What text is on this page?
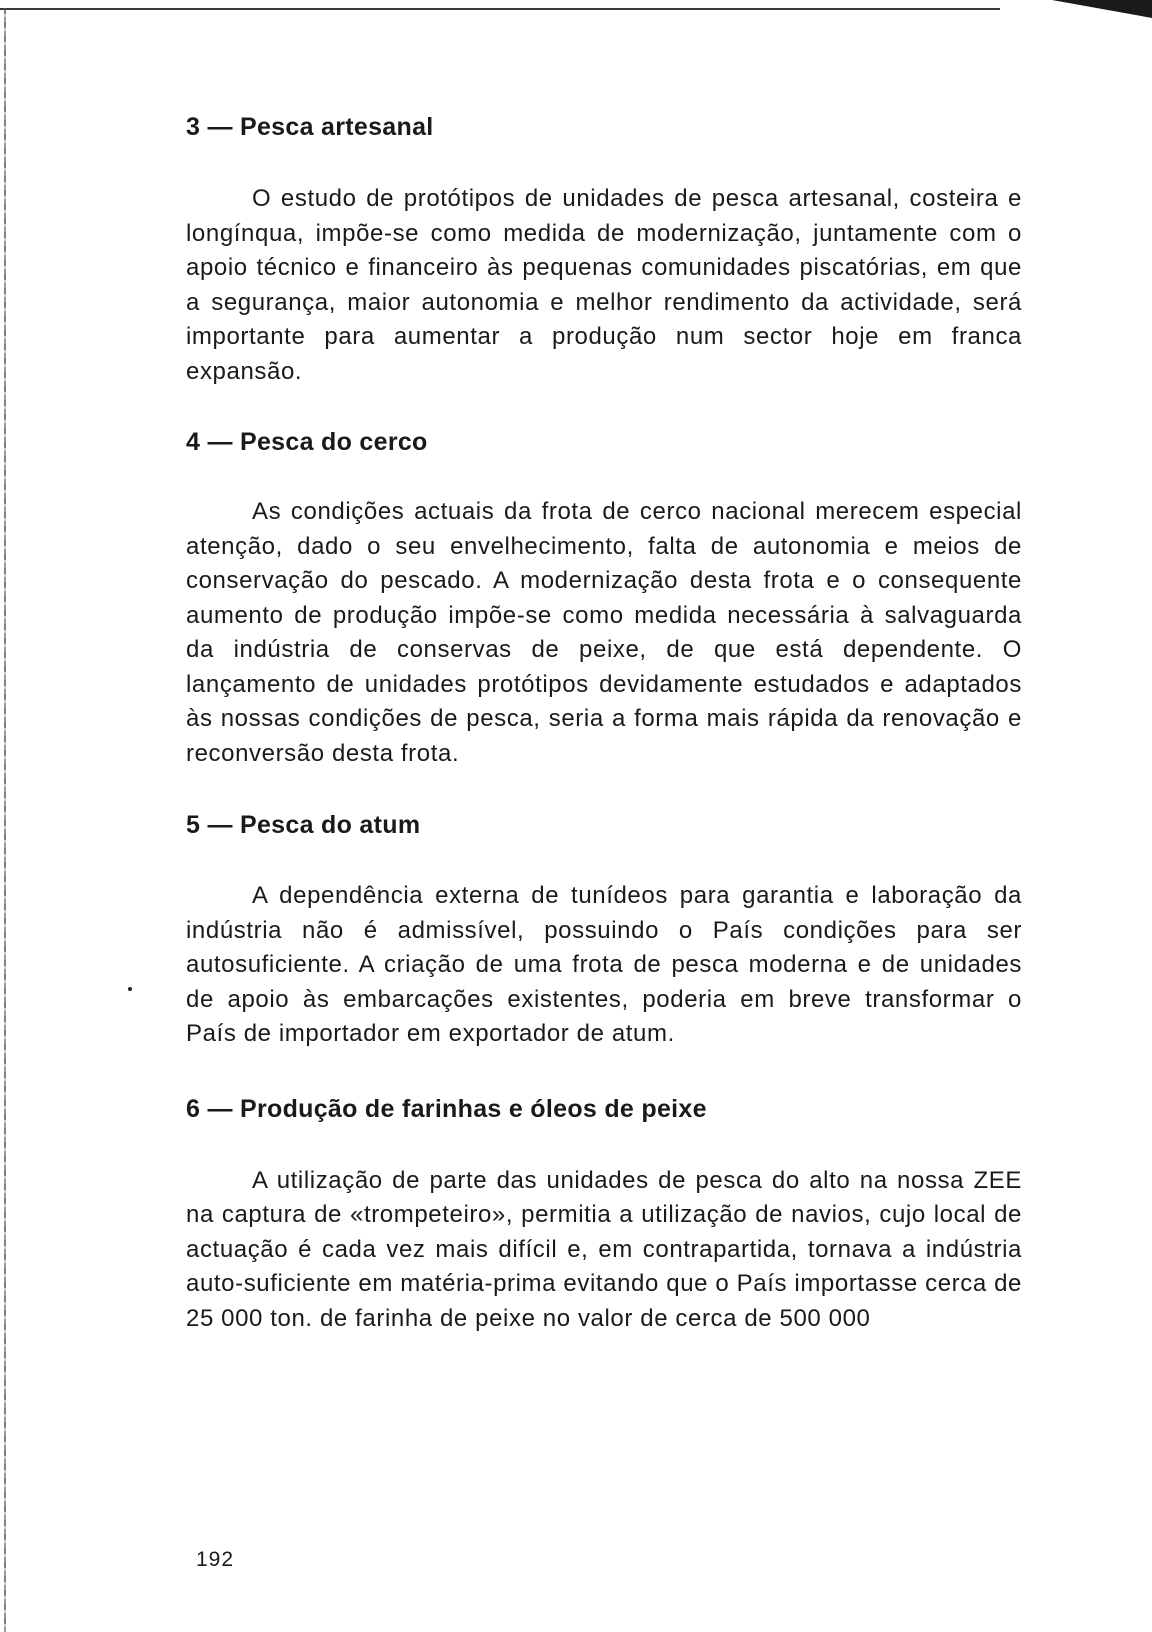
3 — Pesca artesanal

O estudo de protótipos de unidades de pesca artesanal, costeira e longínqua, impõe-se como medida de modernização, juntamente com o apoio técnico e financeiro às pequenas comunidades piscatórias, em que a segurança, maior autonomia e melhor rendimento da actividade, será importante para aumentar a produção num sector hoje em franca expansão.

4 — Pesca do cerco

As condições actuais da frota de cerco nacional merecem especial atenção, dado o seu envelhecimento, falta de autonomia e meios de conservação do pescado. A modernização desta frota e o consequente aumento de produção impõe-se como medida necessária à salvaguarda da indústria de conservas de peixe, de que está dependente. O lançamento de unidades protótipos devidamente estudados e adaptados às nossas condições de pesca, seria a forma mais rápida da renovação e reconversão desta frota.

5 — Pesca do atum

A dependência externa de tunídeos para garantia e laboração da indústria não é admissível, possuindo o País condições para ser autosuficiente. A criação de uma frota de pesca moderna e de unidades de apoio às embarcações existentes, poderia em breve transformar o País de importador em exportador de atum.

6 — Produção de farinhas e óleos de peixe

A utilização de parte das unidades de pesca do alto na nossa ZEE na captura de «trompeteiro», permitia a utilização de navios, cujo local de actuação é cada vez mais difícil e, em contrapartida, tornava a indústria auto-suficiente em matéria-prima evitando que o País importasse cerca de 25 000 ton. de farinha de peixe no valor de cerca de 500 000

192
